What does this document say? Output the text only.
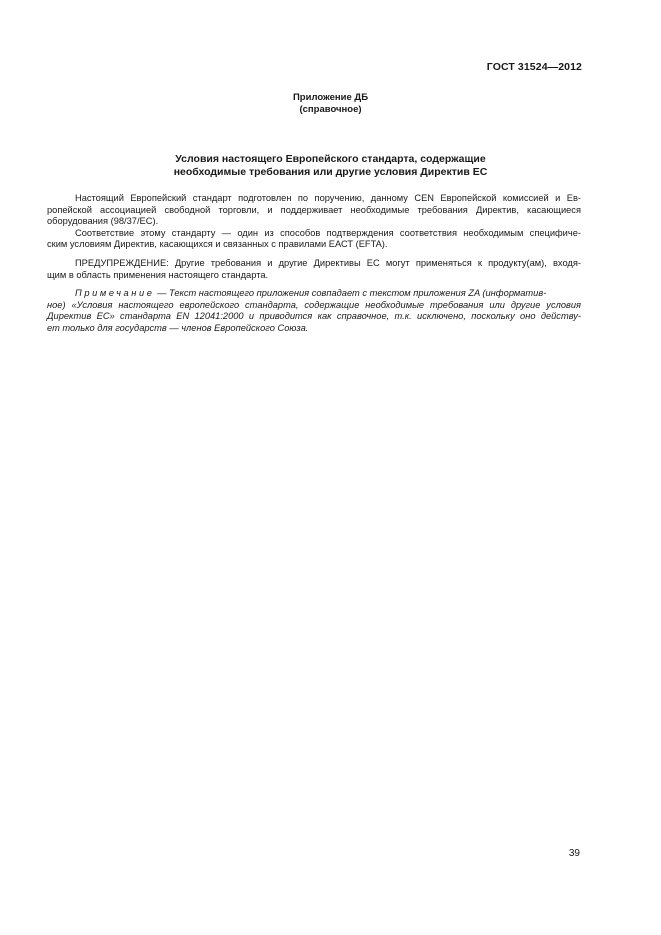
ГОСТ 31524—2012
Приложение ДБ
(справочное)
Условия настоящего Европейского стандарта, содержащие
необходимые требования или другие условия Директив ЕС
Настоящий Европейский стандарт подготовлен по поручению, данному CEN Европейской комиссией и Ев-
ропейской ассоциацией свободной торговли, и поддерживает необходимые требования Директив, касающиеся
оборудования (98/37/EC).
Соответствие этому стандарту — один из способов подтверждения соответствия необходимым специфиче-
ским условиям Директив, касающихся и связанных с правилами ЕАСТ (EFTA).
ПРЕДУПРЕЖДЕНИЕ: Другие требования и другие Директивы ЕС могут применяться к продукту(ам), входя-
щим в область применения настоящего стандарта.
Примечание — Текст настоящего приложения совпадает с текстом приложения ZA (информатив-
ное) «Условия настоящего европейского стандарта, содержащие необходимые требования или другие условия
Директив ЕС» стандарта EN 12041:2000 и приводится как справочное, т.к. исключено, поскольку оно действу-
ет только для государств — членов Европейского Союза.
39
